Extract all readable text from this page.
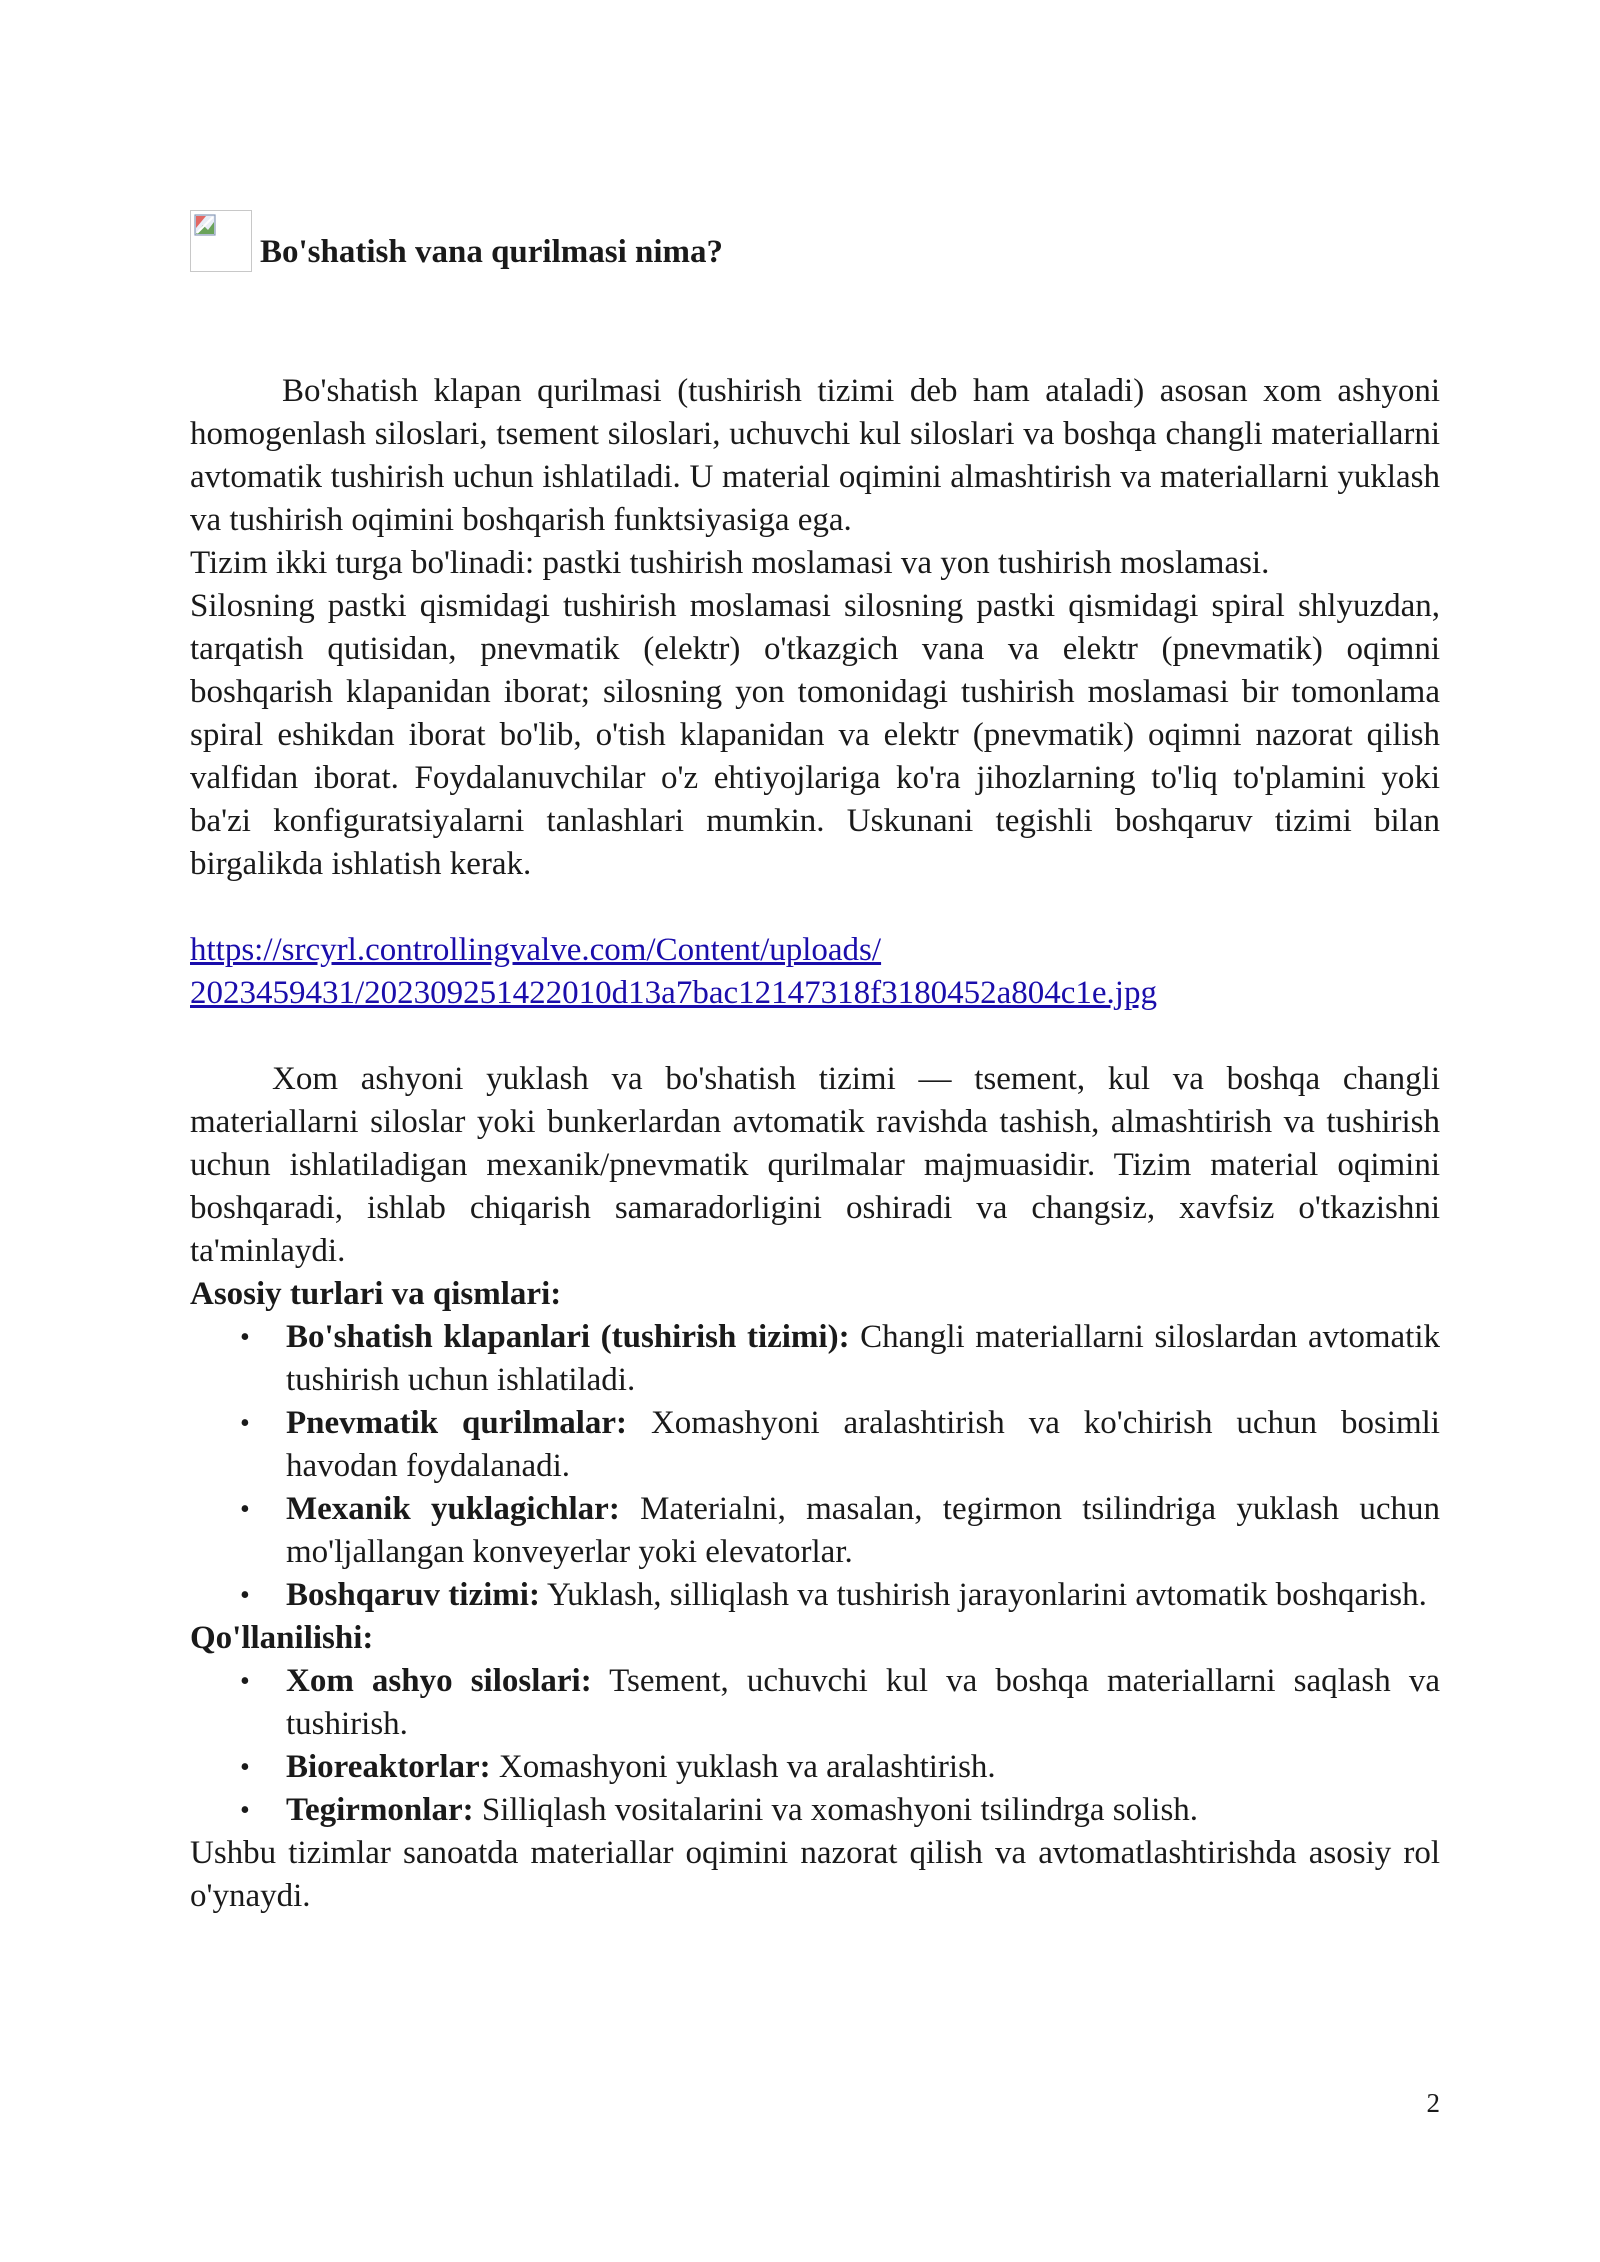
Bo'shatish vana qurilmasi nima?

Bo'shatish klapan qurilmasi (tushirish tizimi deb ham ataladi) asosan xom ashyoni homogenlash siloslari, tsement siloslari, uchuvchi kul siloslari va boshqa changli materiallarni avtomatik tushirish uchun ishlatiladi. U material oqimini almashtirish va materiallarni yuklash va tushirish oqimini boshqarish funktsiyasiga ega.

Tizim ikki turga bo'linadi: pastki tushirish moslamasi va yon tushirish moslamasi.

Silosning pastki qismidagi tushirish moslamasi silosning pastki qismidagi spiral shlyuzdan, tarqatish qutisidan, pnevmatik (elektr) o'tkazgich vana va elektr (pnevmatik) oqimni boshqarish klapanidan iborat; silosning yon tomonidagi tushirish moslamasi bir tomonlama spiral eshikdan iborat bo'lib, o'tish klapanidan va elektr (pnevmatik) oqimni nazorat qilish valfidan iborat. Foydalanuvchilar o'z ehtiyojlariga ko'ra jihozlarning to'liq to'plamini yoki ba'zi konfiguratsiyalarni tanlashlari mumkin. Uskunani tegishli boshqaruv tizimi bilan birgalikda ishlatish kerak.

https://srcyrl.controllingvalve.com/Content/uploads/
2023459431/202309251422010d13a7bac12147318f3180452a804c1e.jpg

Xom ashyoni yuklash va bo'shatish tizimi — tsement, kul va boshqa changli materiallarni siloslar yoki bunkerlardan avtomatik ravishda tashish, almashtirish va tushirish uchun ishlatiladigan mexanik/pnevmatik qurilmalar majmuasidir. Tizim material oqimini boshqaradi, ishlab chiqarish samaradorligini oshiradi va changsiz, xavfsiz o'tkazishni ta'minlaydi.

Asosiy turlari va qismlari:
• Bo'shatish klapanlari (tushirish tizimi): Changli materiallarni siloslardan avtomatik tushirish uchun ishlatiladi.
• Pnevmatik qurilmalar: Xomashyoni aralashtirish va ko'chirish uchun bosimli havodan foydalanadi.
• Mexanik yuklagichlar: Materialni, masalan, tegirmon tsilindriga yuklash uchun mo'ljallangan konveyerlar yoki elevatorlar.
• Boshqaruv tizimi: Yuklash, silliqlash va tushirish jarayonlarini avtomatik boshqarish.
Qo'llanilishi:
• Xom ashyo siloslari: Tsement, uchuvchi kul va boshqa materiallarni saqlash va tushirish.
• Bioreaktorlar: Xomashyoni yuklash va aralashtirish.
• Tegirmonlar: Silliqlash vositalarini va xomashyoni tsilindrga solish.

Ushbu tizimlar sanoatda materiallar oqimini nazorat qilish va avtomatlashtirishda asosiy rol o'ynaydi.

2
